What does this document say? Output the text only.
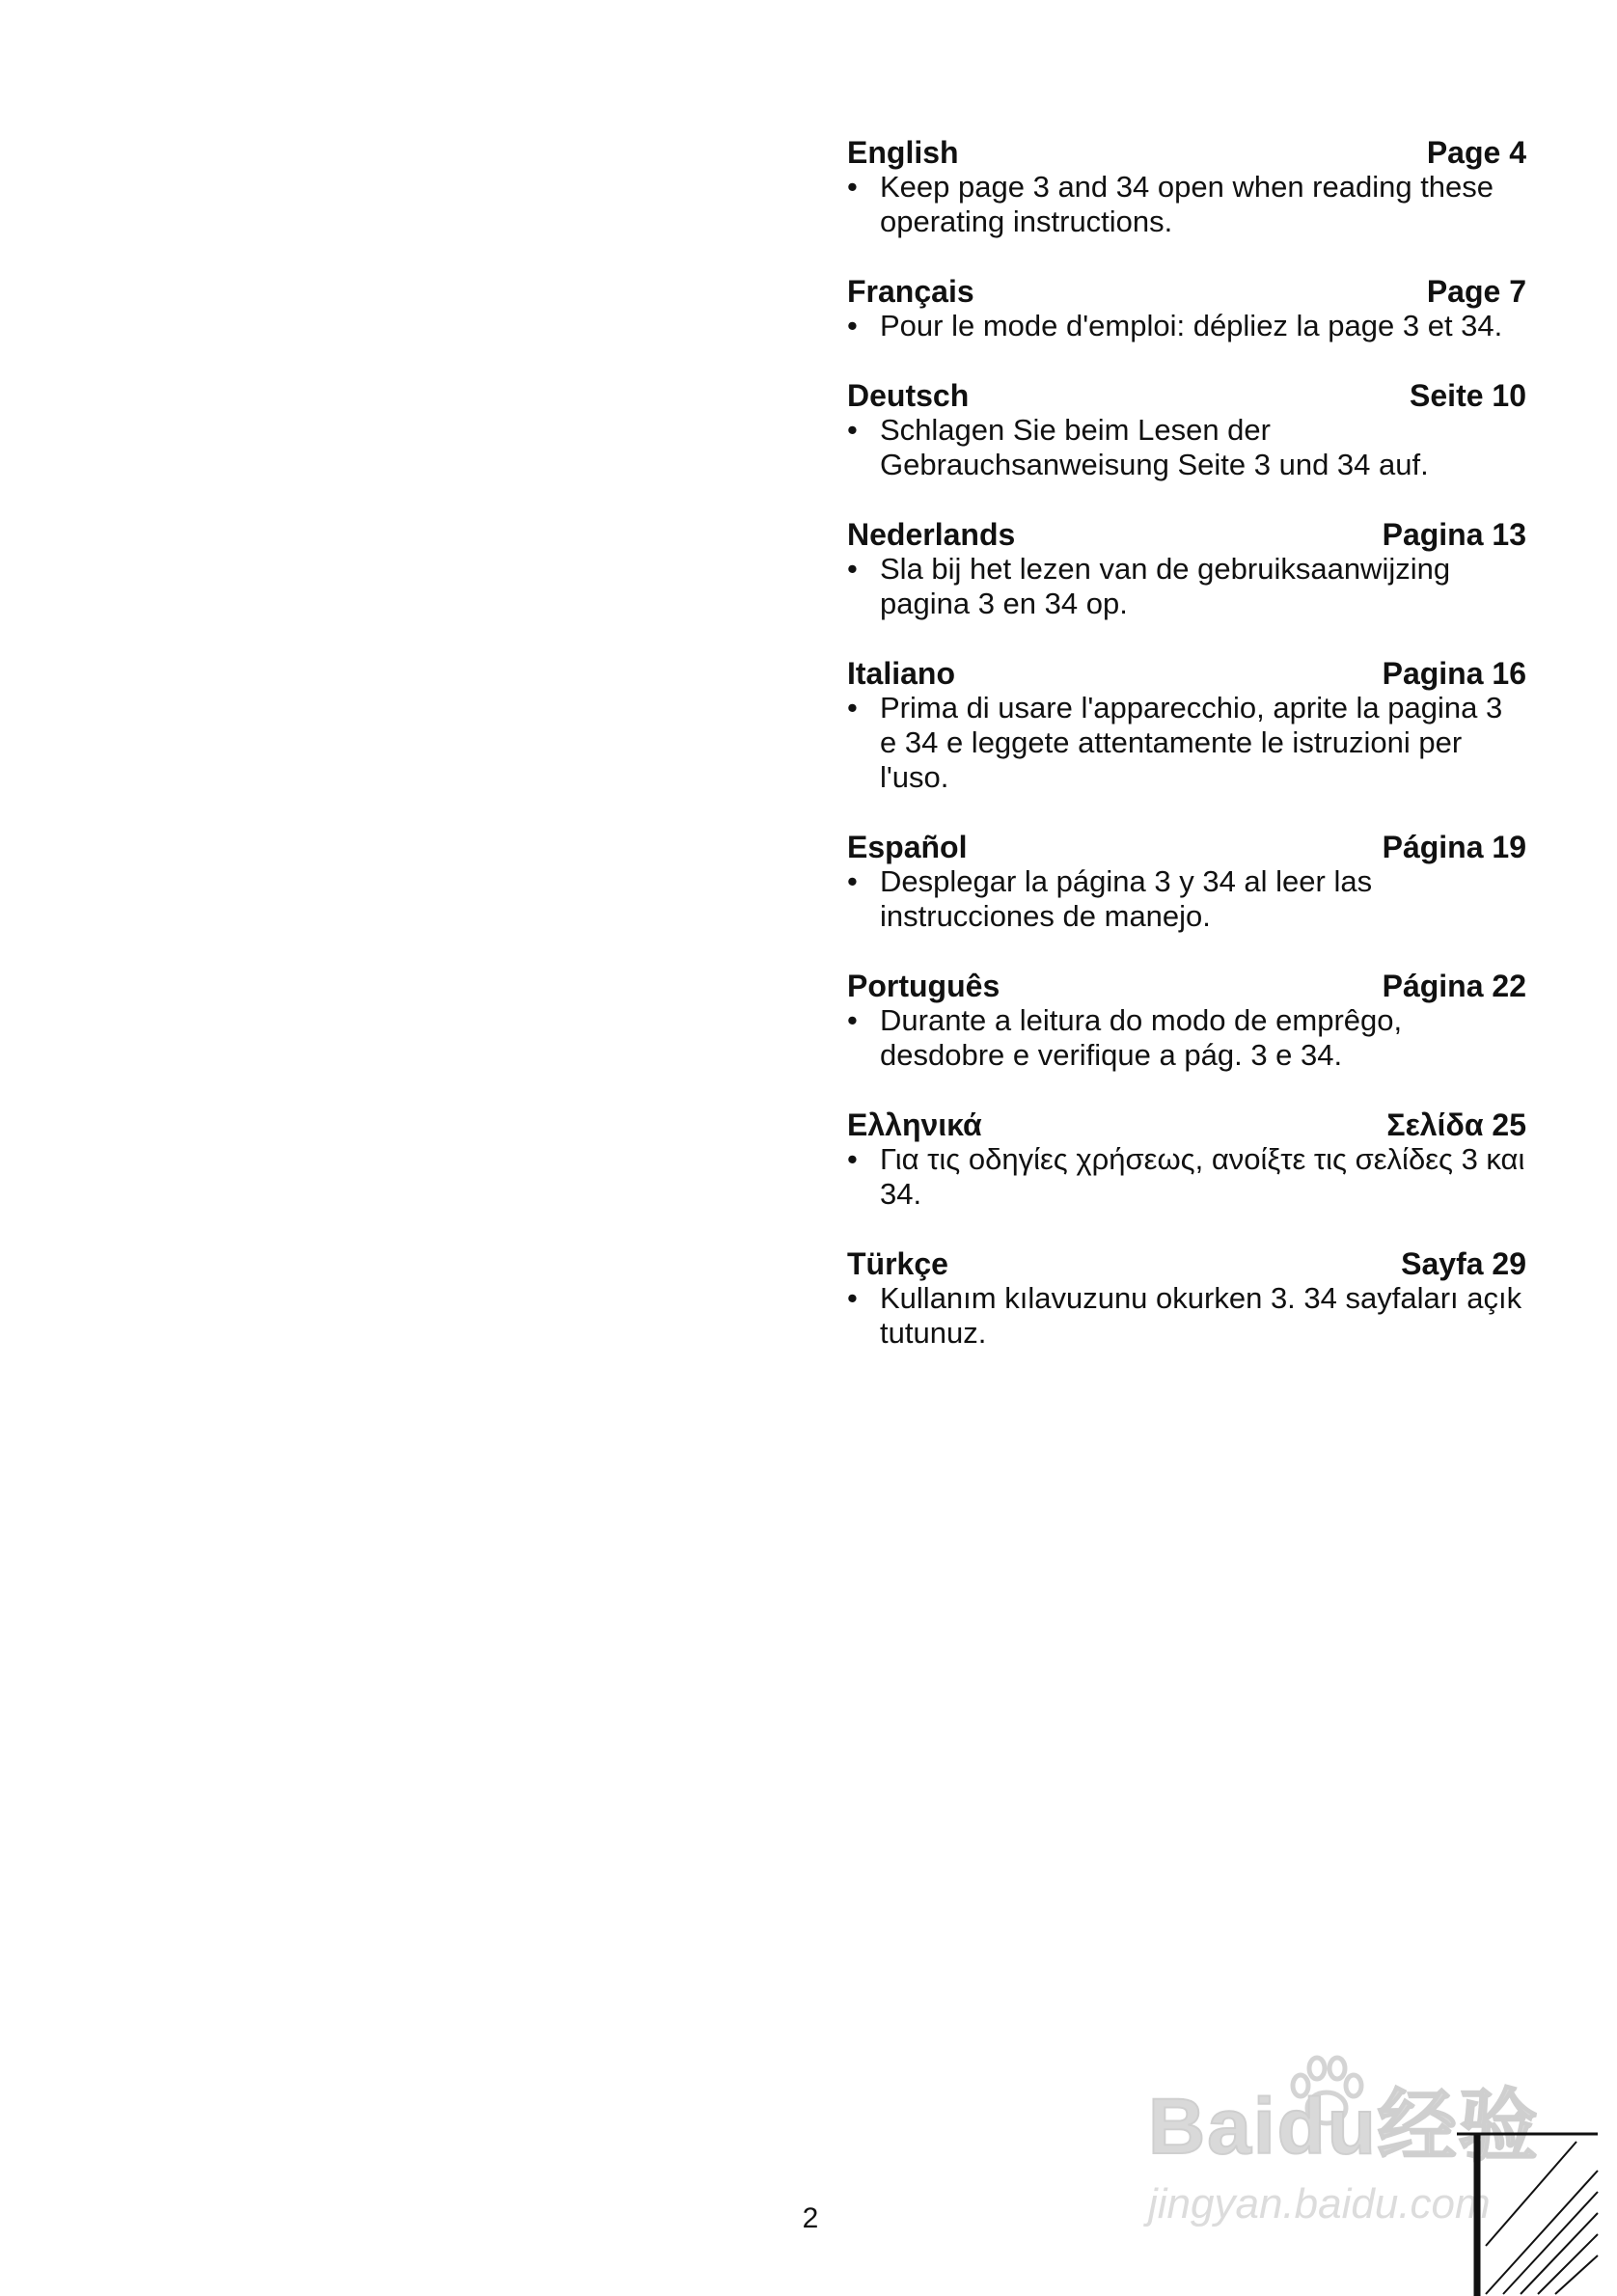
English	Page 4
• Keep page 3 and 34 open when reading these operating instructions.
Français	Page 7
• Pour le mode d'emploi: dépliez la page 3 et 34.
Deutsch	Seite 10
• Schlagen Sie beim Lesen der Gebrauchsanweisung Seite 3 und 34 auf.
Nederlands	Pagina 13
• Sla bij het lezen van de gebruiksaanwijzing pagina 3 en 34 op.
Italiano	Pagina 16
• Prima di usare l'apparecchio, aprite la pagina 3 e 34 e leggete attentamente le istruzioni per l'uso.
Español	Página 19
• Desplegar la página 3 y 34 al leer las instrucciones de manejo.
Português	Página 22
• Durante a leitura do modo de emprêgo, desdobre e verifique a pág. 3 e 34.
Ελληνικά	Σελίδα 25
• Για τις οδηγίες χρήσεως, ανοίξτε τις σελίδες 3 και 34.
Türkçe	Sayfa 29
• Kullanım kılavuzunu okurken 3. 34 sayfaları açık tutunuz.
Baidu经验
jingyan.baidu.com
2
